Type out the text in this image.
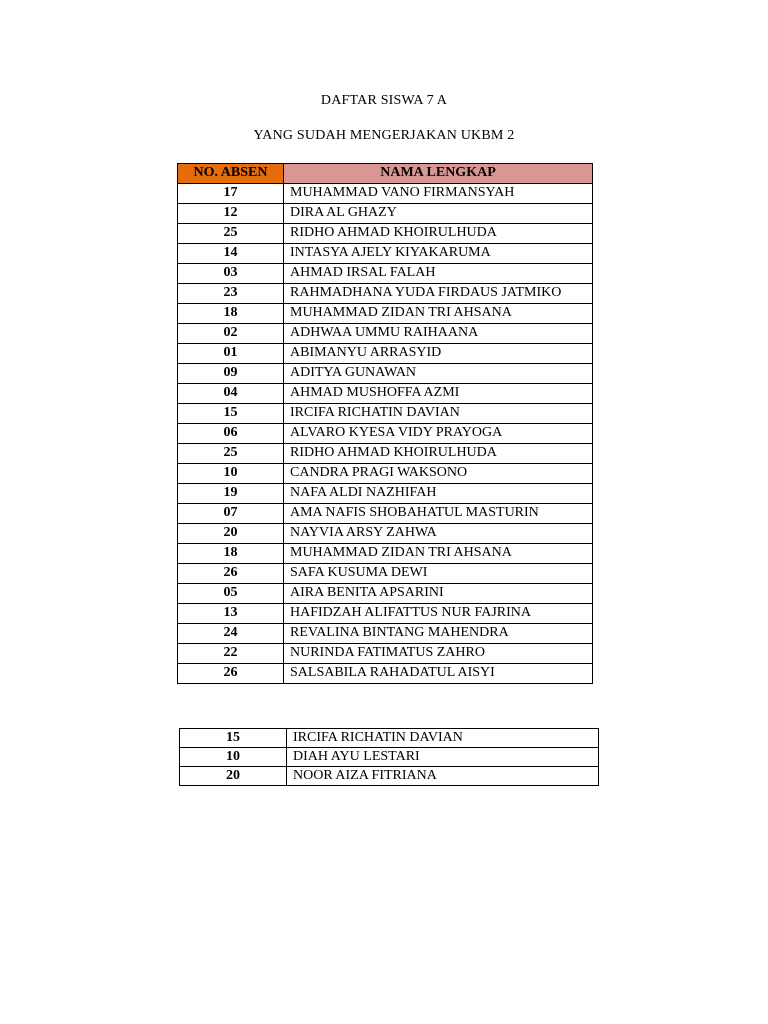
DAFTAR SISWA 7 A
YANG SUDAH MENGERJAKAN UKBM 2
NO. ABSEN	NAMA LENGKAP
17	MUHAMMAD VANO FIRMANSYAH
12	DIRA AL GHAZY
25	RIDHO AHMAD KHOIRULHUDA
14	INTASYA AJELY KIYAKARUMA
03	AHMAD IRSAL FALAH
23	RAHMADHANA YUDA FIRDAUS JATMIKO
18	MUHAMMAD ZIDAN TRI AHSANA
02	ADHWAA UMMU RAIHAANA
01	ABIMANYU ARRASYID
09	ADITYA GUNAWAN
04	AHMAD MUSHOFFA AZMI
15	IRCIFA RICHATIN DAVIAN
06	ALVARO KYESA VIDY PRAYOGA
25	RIDHO AHMAD KHOIRULHUDA
10	CANDRA PRAGI WAKSONO
19	NAFA ALDI NAZHIFAH
07	AMA NAFIS SHOBAHATUL MASTURIN
20	NAYVIA ARSY ZAHWA
18	MUHAMMAD ZIDAN TRI AHSANA
26	SAFA KUSUMA DEWI
05	AIRA BENITA APSARINI
13	HAFIDZAH ALIFATTUS NUR FAJRINA
24	REVALINA BINTANG MAHENDRA
22	NURINDA FATIMATUS ZAHRO
26	SALSABILA RAHADATUL AISYI
15	IRCIFA RICHATIN DAVIAN
10	DIAH AYU LESTARI
20	NOOR AIZA FITRIANA
